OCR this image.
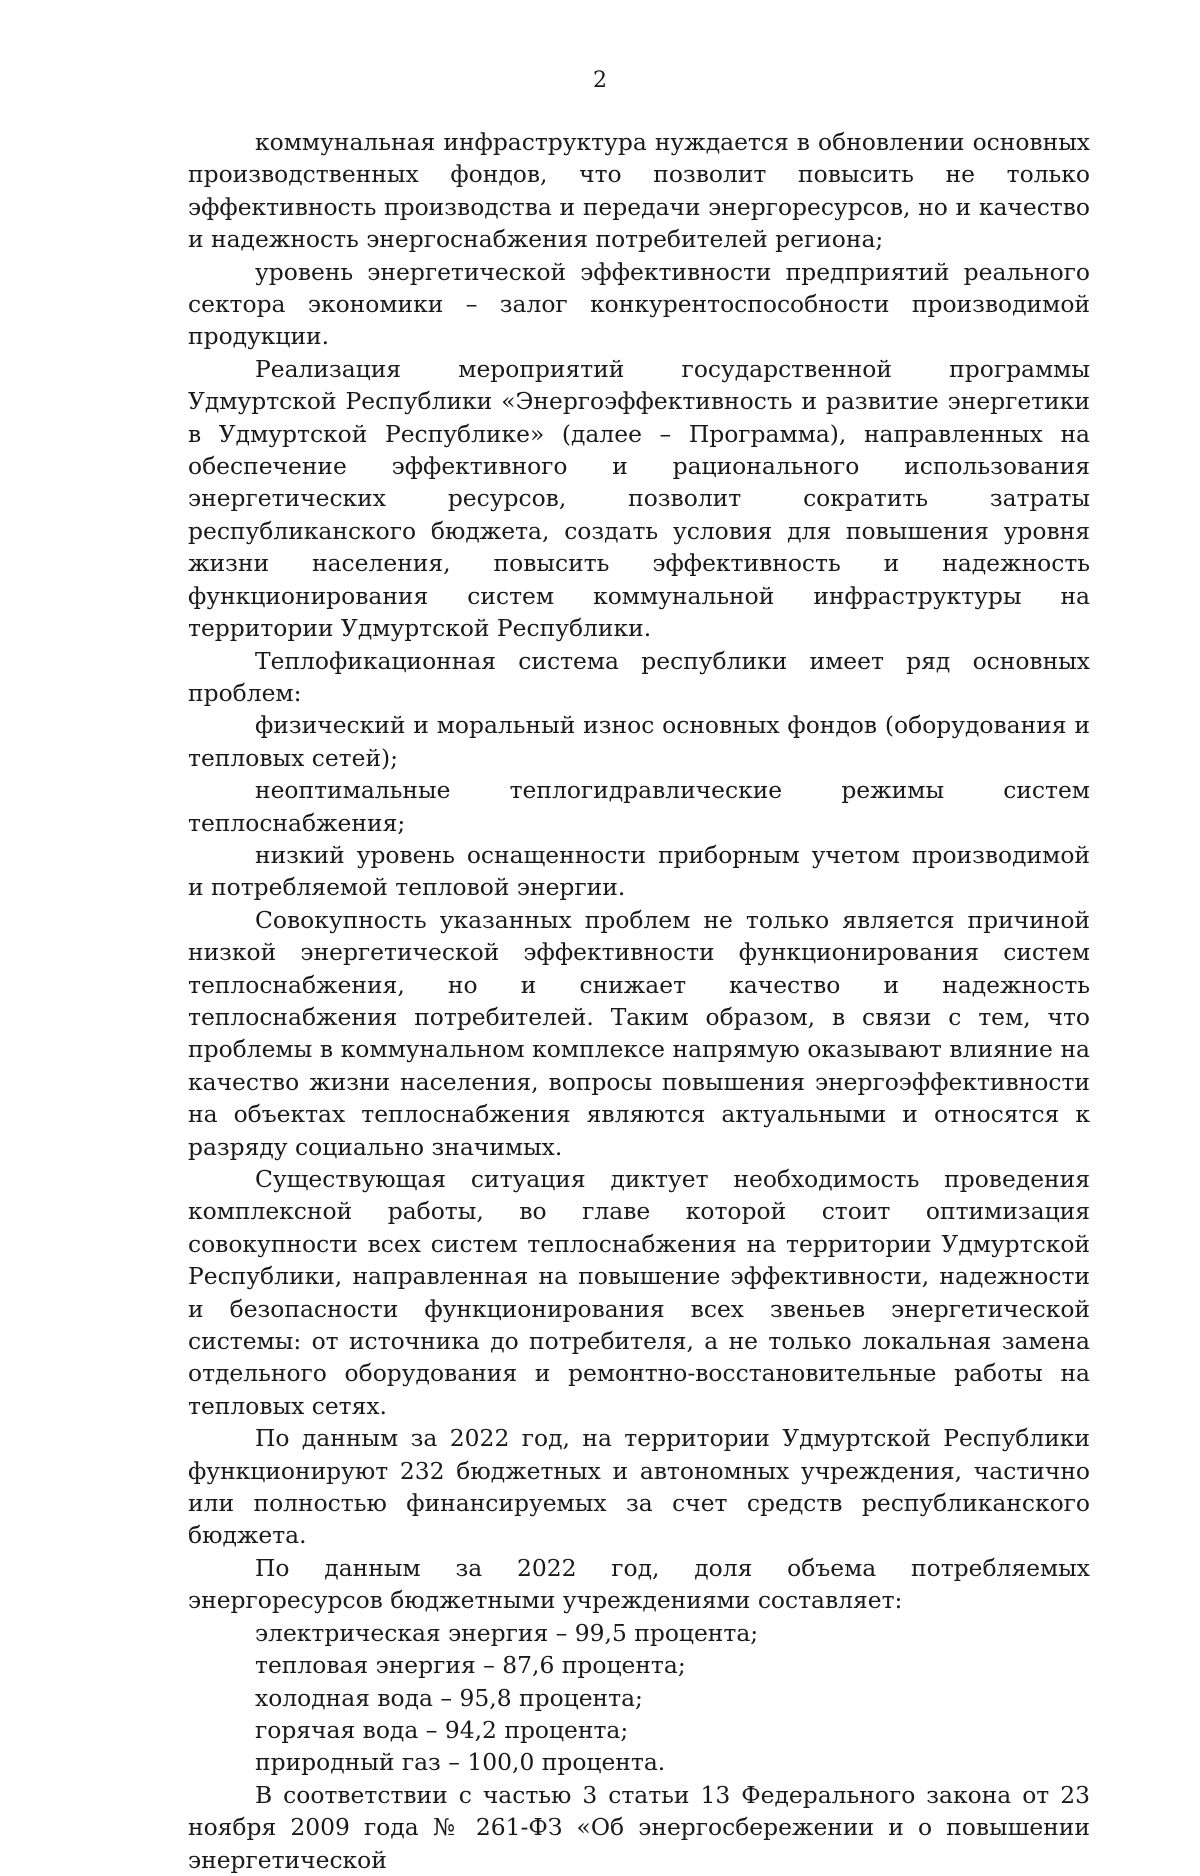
2

коммунальная инфраструктура нуждается в обновлении основных производственных фондов, что позволит повысить не только эффективность производства и передачи энергоресурсов, но и качество и надежность энергоснабжения потребителей региона;

уровень энергетической эффективности предприятий реального сектора экономики – залог конкурентоспособности производимой продукции.

Реализация мероприятий государственной программы Удмуртской Республики «Энергоэффективность и развитие энергетики в Удмуртской Республике» (далее – Программа), направленных на обеспечение эффективного и рационального использования энергетических ресурсов, позволит сократить затраты республиканского бюджета, создать условия для повышения уровня жизни населения, повысить эффективность и надежность функционирования систем коммунальной инфраструктуры на территории Удмуртской Республики.

Теплофикационная система республики имеет ряд основных проблем:

физический и моральный износ основных фондов (оборудования и тепловых сетей);

неоптимальные теплогидравлические режимы систем теплоснабжения;

низкий уровень оснащенности приборным учетом производимой и потребляемой тепловой энергии.

Совокупность указанных проблем не только является причиной низкой энергетической эффективности функционирования систем теплоснабжения, но и снижает качество и надежность теплоснабжения потребителей. Таким образом, в связи с тем, что проблемы в коммунальном комплексе напрямую оказывают влияние на качество жизни населения, вопросы повышения энергоэффективности на объектах теплоснабжения являются актуальными и относятся к разряду социально значимых.

Существующая ситуация диктует необходимость проведения комплексной работы, во главе которой стоит оптимизация совокупности всех систем теплоснабжения на территории Удмуртской Республики, направленная на повышение эффективности, надежности и безопасности функционирования всех звеньев энергетической системы: от источника до потребителя, а не только локальная замена отдельного оборудования и ремонтно-восстановительные работы на тепловых сетях.

По данным за 2022 год, на территории Удмуртской Республики функционируют 232 бюджетных и автономных учреждения, частично или полностью финансируемых за счет средств республиканского бюджета.

По данным за 2022 год, доля объема потребляемых энергоресурсов бюджетными учреждениями составляет:

электрическая энергия – 99,5 процента;

тепловая энергия – 87,6 процента;

холодная вода – 95,8 процента;

горячая вода – 94,2 процента;

природный газ – 100,0 процента.

В соответствии с частью 3 статьи 13 Федерального закона от 23 ноября 2009 года № 261-ФЗ «Об энергосбережении и о повышении энергетической
